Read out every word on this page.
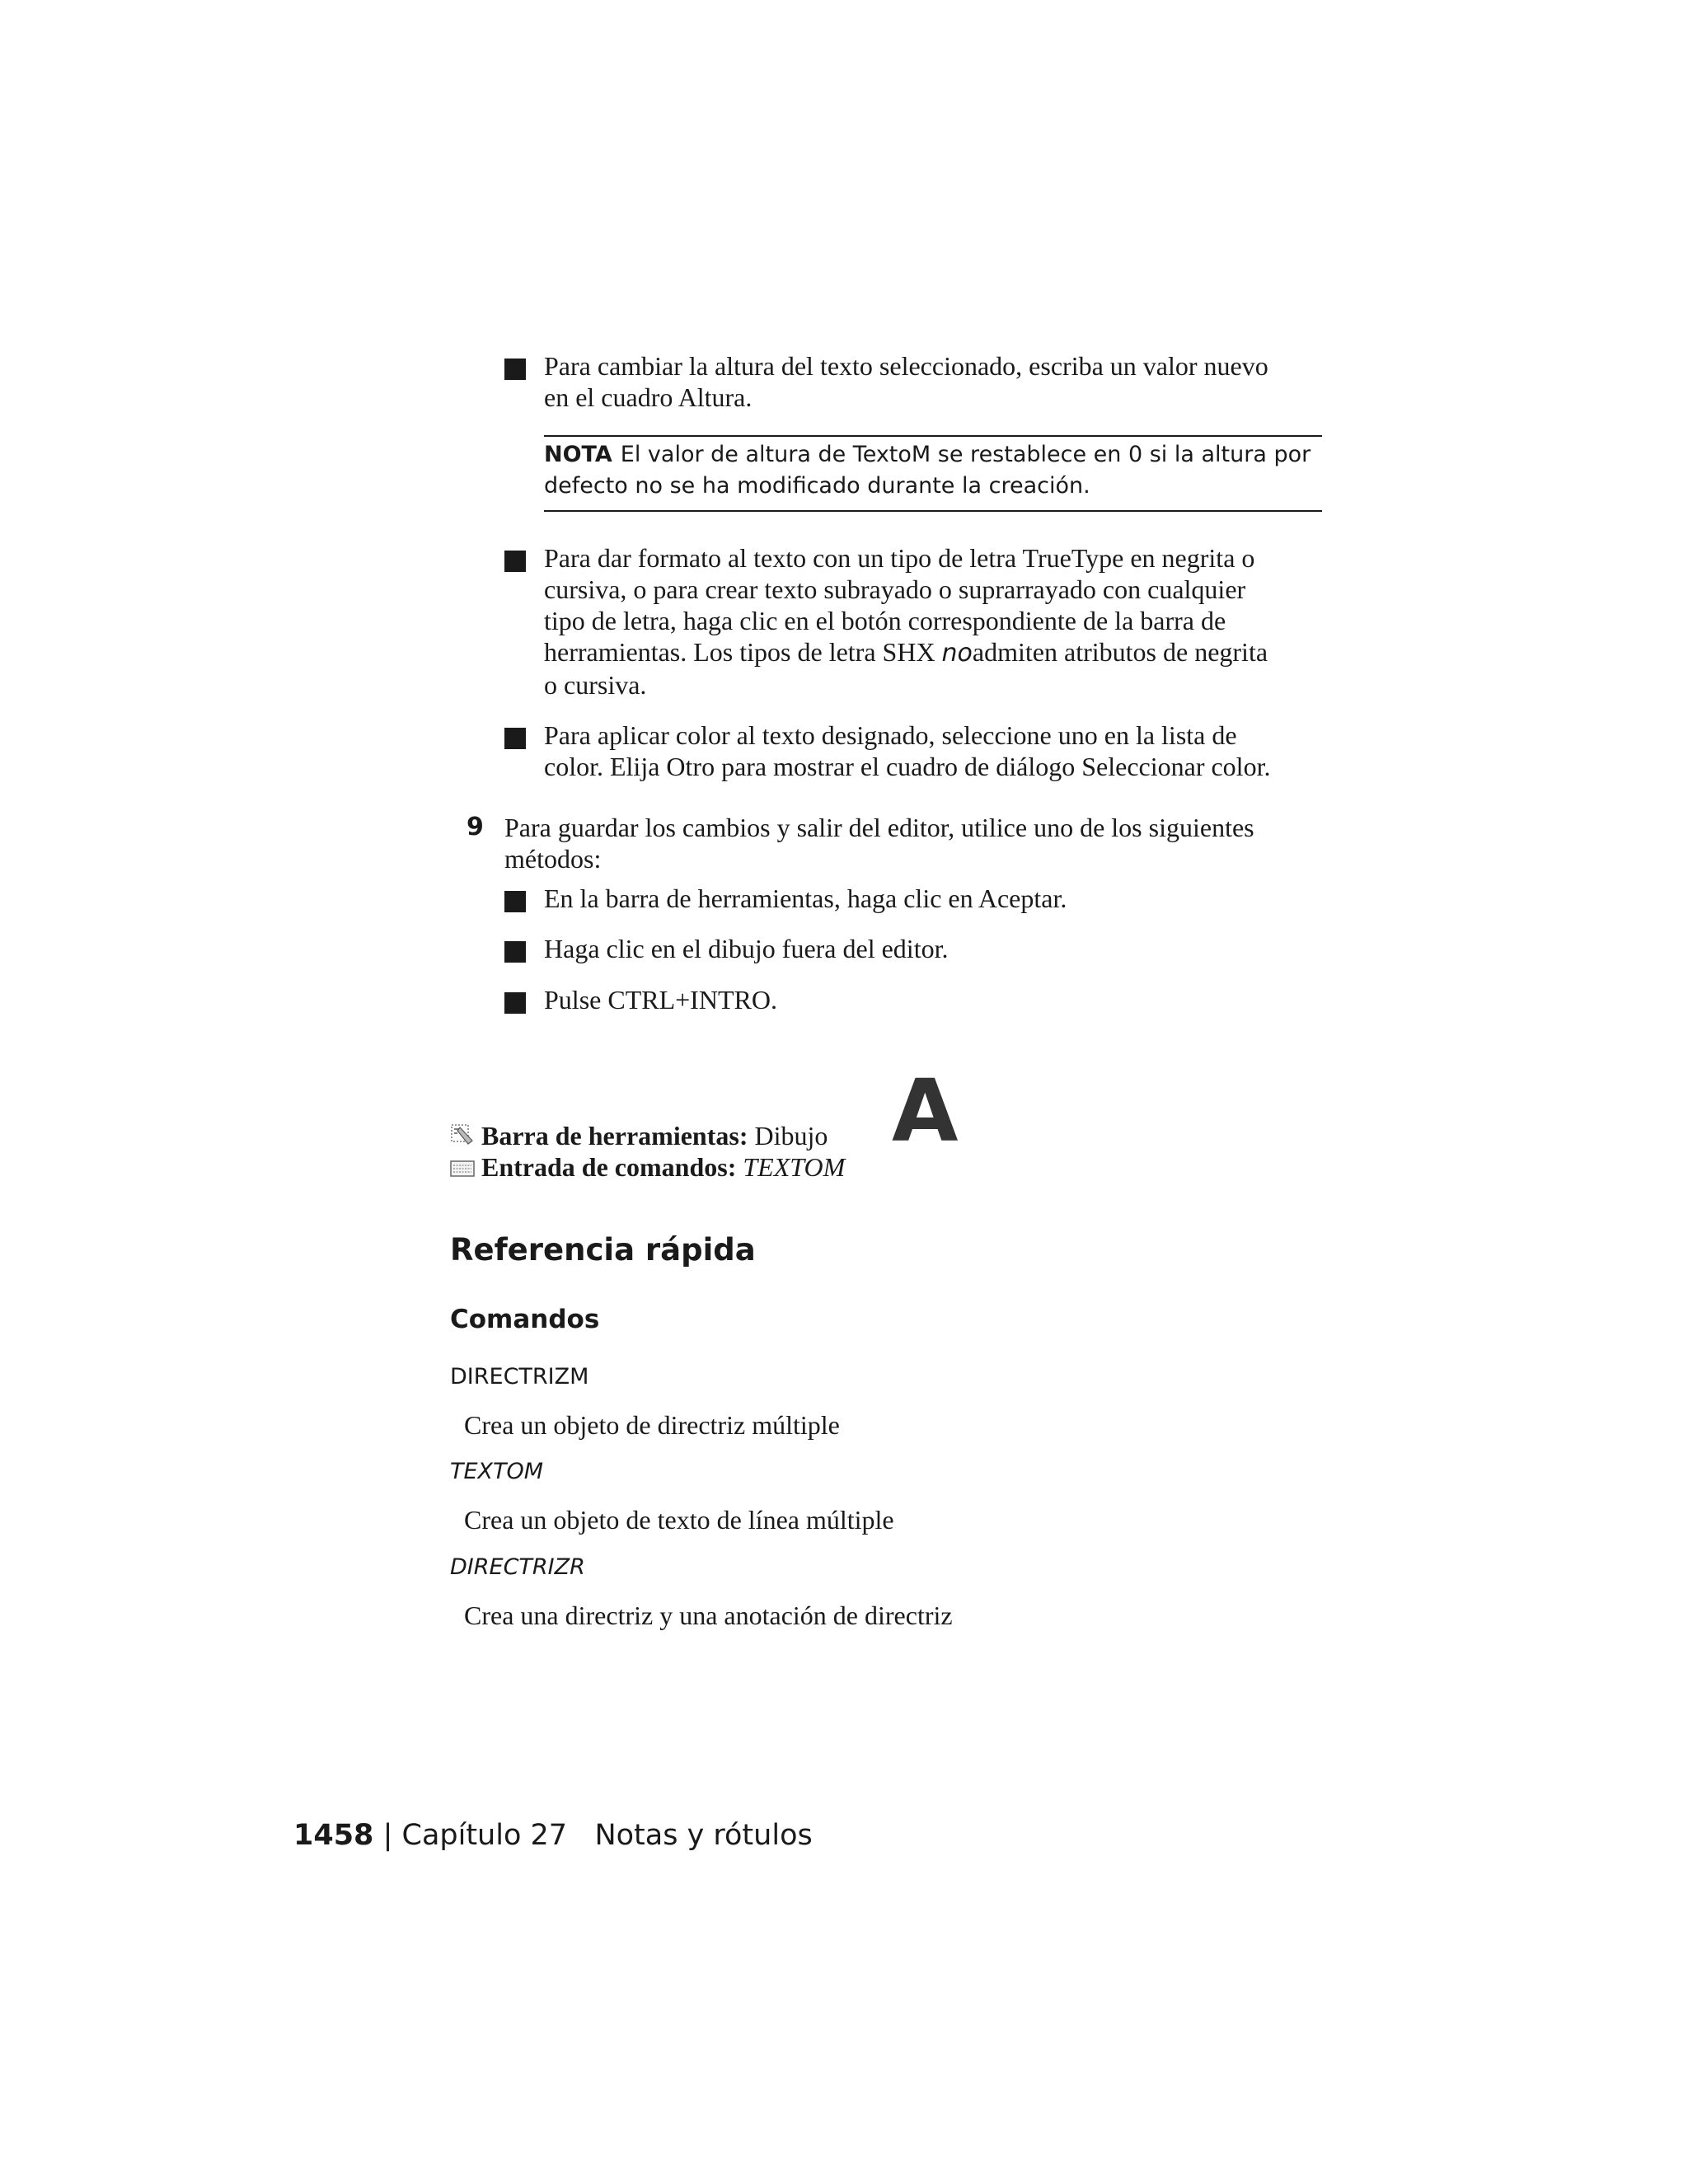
Para cambiar la altura del texto seleccionado, escriba un valor nuevo
en el cuadro Altura.

NOTA El valor de altura de TextoM se restablece en 0 si la altura por
defecto no se ha modificado durante la creación.

Para dar formato al texto con un tipo de letra TrueType en negrita o
cursiva, o para crear texto subrayado o suprarrayado con cualquier
tipo de letra, haga clic en el botón correspondiente de la barra de
herramientas. Los tipos de letra SHX noadmiten atributos de negrita
o cursiva.

Para aplicar color al texto designado, seleccione uno en la lista de
color. Elija Otro para mostrar el cuadro de diálogo Seleccionar color.

9 Para guardar los cambios y salir del editor, utilice uno de los siguientes
métodos:

En la barra de herramientas, haga clic en Aceptar.

Haga clic en el dibujo fuera del editor.

Pulse CTRL+INTRO.

Barra de herramientas: Dibujo A
Entrada de comandos: TEXTOM
Referencia rápida
Comandos
DIRECTRIZM
Crea un objeto de directriz múltiple
TEXTOM
Crea un objeto de texto de línea múltiple
DIRECTRIZR
Crea una directriz y una anotación de directriz
1458 | Capítulo 27 Notas y rótulos
